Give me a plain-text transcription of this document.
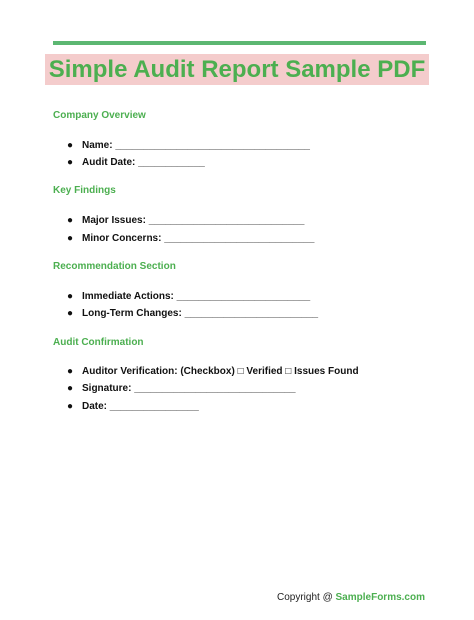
Simple Audit Report Sample PDF
Company Overview
● Name: ___________________________________
● Audit Date: ____________
Key Findings
● Major Issues: ____________________________
● Minor Concerns: ___________________________
Recommendation Section
● Immediate Actions: ________________________
● Long-Term Changes: ________________________
Audit Confirmation
● Auditor Verification: (Checkbox) □ Verified □ Issues Found
● Signature: _____________________________
● Date: ________________
Copyright @ SampleForms.com
